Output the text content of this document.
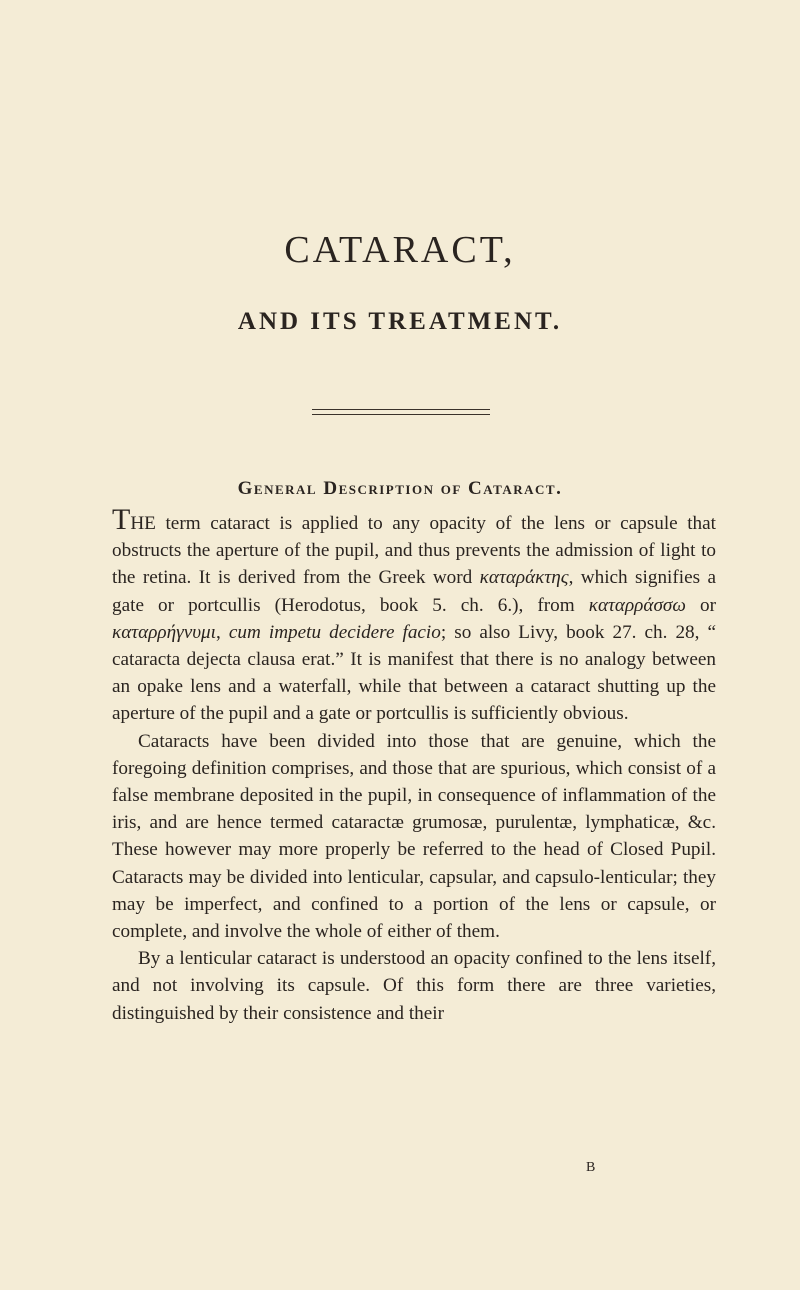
CATARACT,
AND ITS TREATMENT.
General Description of Cataract.

THE term cataract is applied to any opacity of the lens or capsule that obstructs the aperture of the pupil, and thus prevents the admission of light to the retina. It is derived from the Greek word καταράκτης, which signifies a gate or portcullis (Herodotus, book 5. ch. 6.), from καταρράσσω or καταρρήγνυμι, cum impetu decidere facio; so also Livy, book 27. ch. 28, “ cataracta dejecta clausa erat.” It is manifest that there is no analogy between an opake lens and a waterfall, while that between a cataract shutting up the aperture of the pupil and a gate or portcullis is sufficiently obvious.

Cataracts have been divided into those that are genuine, which the foregoing definition comprises, and those that are spurious, which consist of a false membrane deposited in the pupil, in consequence of inflammation of the iris, and are hence termed cataractæ grumosæ, purulentæ, lymphaticæ, &c. These however may more properly be referred to the head of Closed Pupil. Cataracts may be divided into lenticular, capsular, and capsulo-lenticular; they may be imperfect, and confined to a portion of the lens or capsule, or complete, and involve the whole of either of them.

By a lenticular cataract is understood an opacity confined to the lens itself, and not involving its capsule. Of this form there are three varieties, distinguished by their consistence and their

B
